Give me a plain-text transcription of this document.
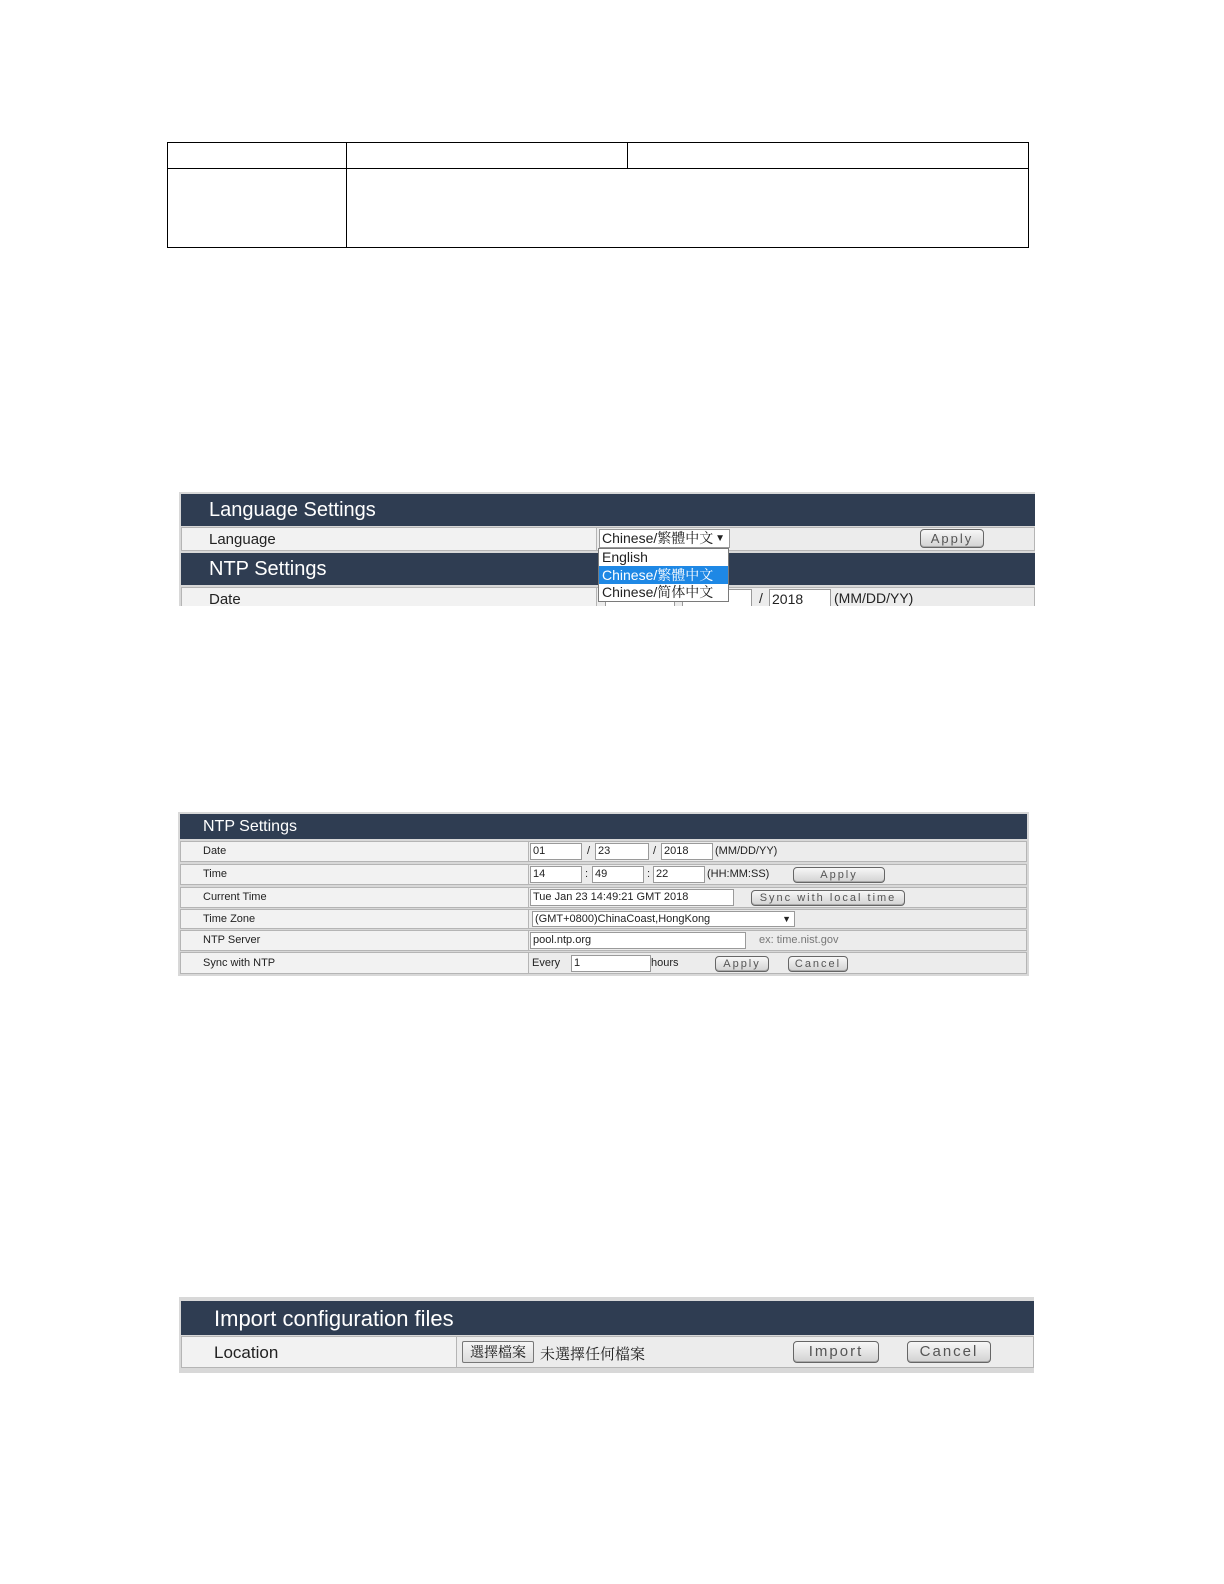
Language Settings
Language	Chinese/繁體中文 ▼	Apply
NTP Settings
Date	/ 2018	(MM/DD/YY)
English
Chinese/繁體中文
Chinese/简体中文
NTP Settings
Date	01	/ 23	/ 2018	(MM/DD/YY)
Time	14	: 49	: 22	(HH:MM:SS)	Apply
Current Time	Tue Jan 23 14:49:21 GMT 2018	Sync with local time
Time Zone	(GMT+0800)ChinaCoast,HongKong	▼
NTP Server	pool.ntp.org	ex: time.nist.gov
Sync with NTP	Every 1	hours	Apply	Cancel
Import configuration files
Location	選擇檔案 未選擇任何檔案	Import	Cancel
